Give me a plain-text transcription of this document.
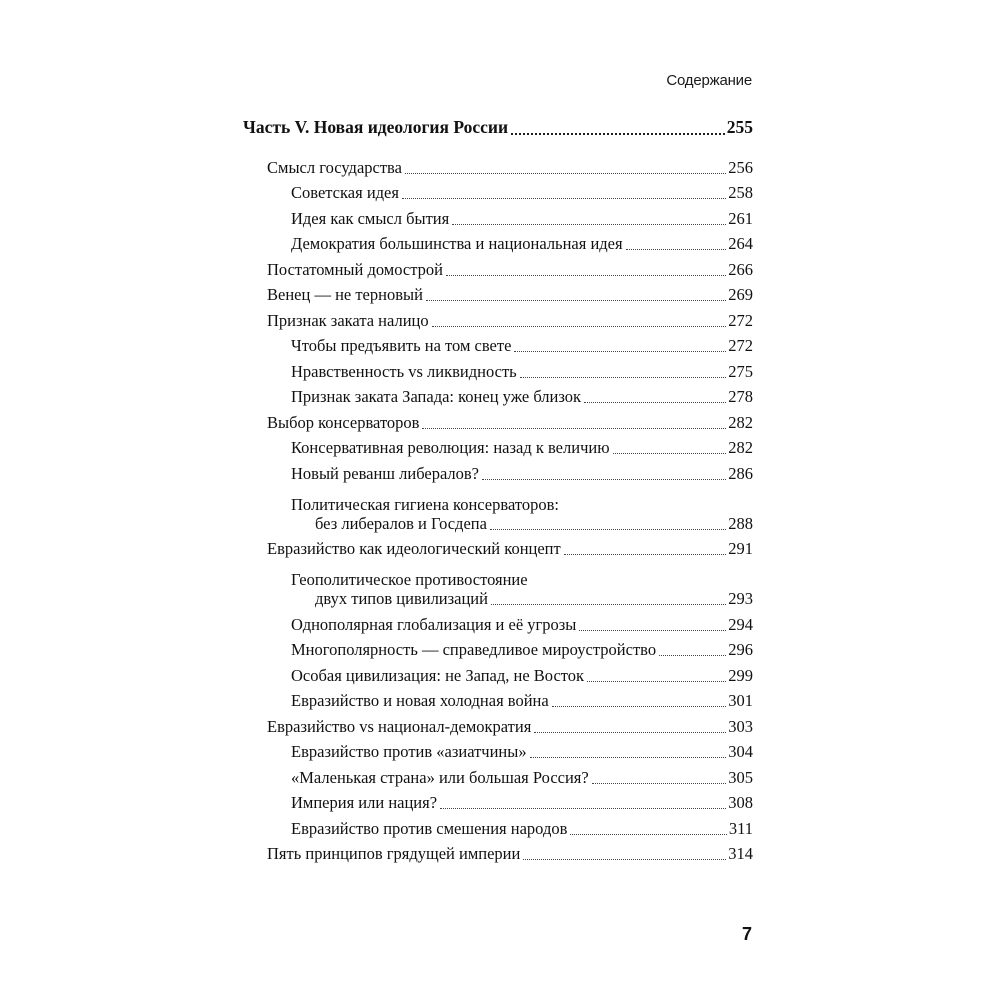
Содержание
Часть V. Новая идеология России	255
Смысл государства	256
Советская идея	258
Идея как смысл бытия	261
Демократия большинства и национальная идея	264
Постатомный домострой	266
Венец — не терновый	269
Признак заката налицо	272
Чтобы предъявить на том свете	272
Нравственность vs ликвидность	275
Признак заката Запада: конец уже близок	278
Выбор консерваторов	282
Консервативная революция: назад к величию	282
Новый реванш либералов?	286
Политическая гигиена консерваторов:
без либералов и Госдепа	288
Евразийство как идеологический концепт	291
Геополитическое противостояние
двух типов цивилизаций	293
Однополярная глобализация и её угрозы	294
Многополярность — справедливое мироустройство	296
Особая цивилизация: не Запад, не Восток	299
Евразийство и новая холодная война	301
Евразийство vs национал-демократия	303
Евразийство против «азиатчины»	304
«Маленькая страна» или большая Россия?	305
Империя или нация?	308
Евразийство против смешения народов	311
Пять принципов грядущей империи	314
7
